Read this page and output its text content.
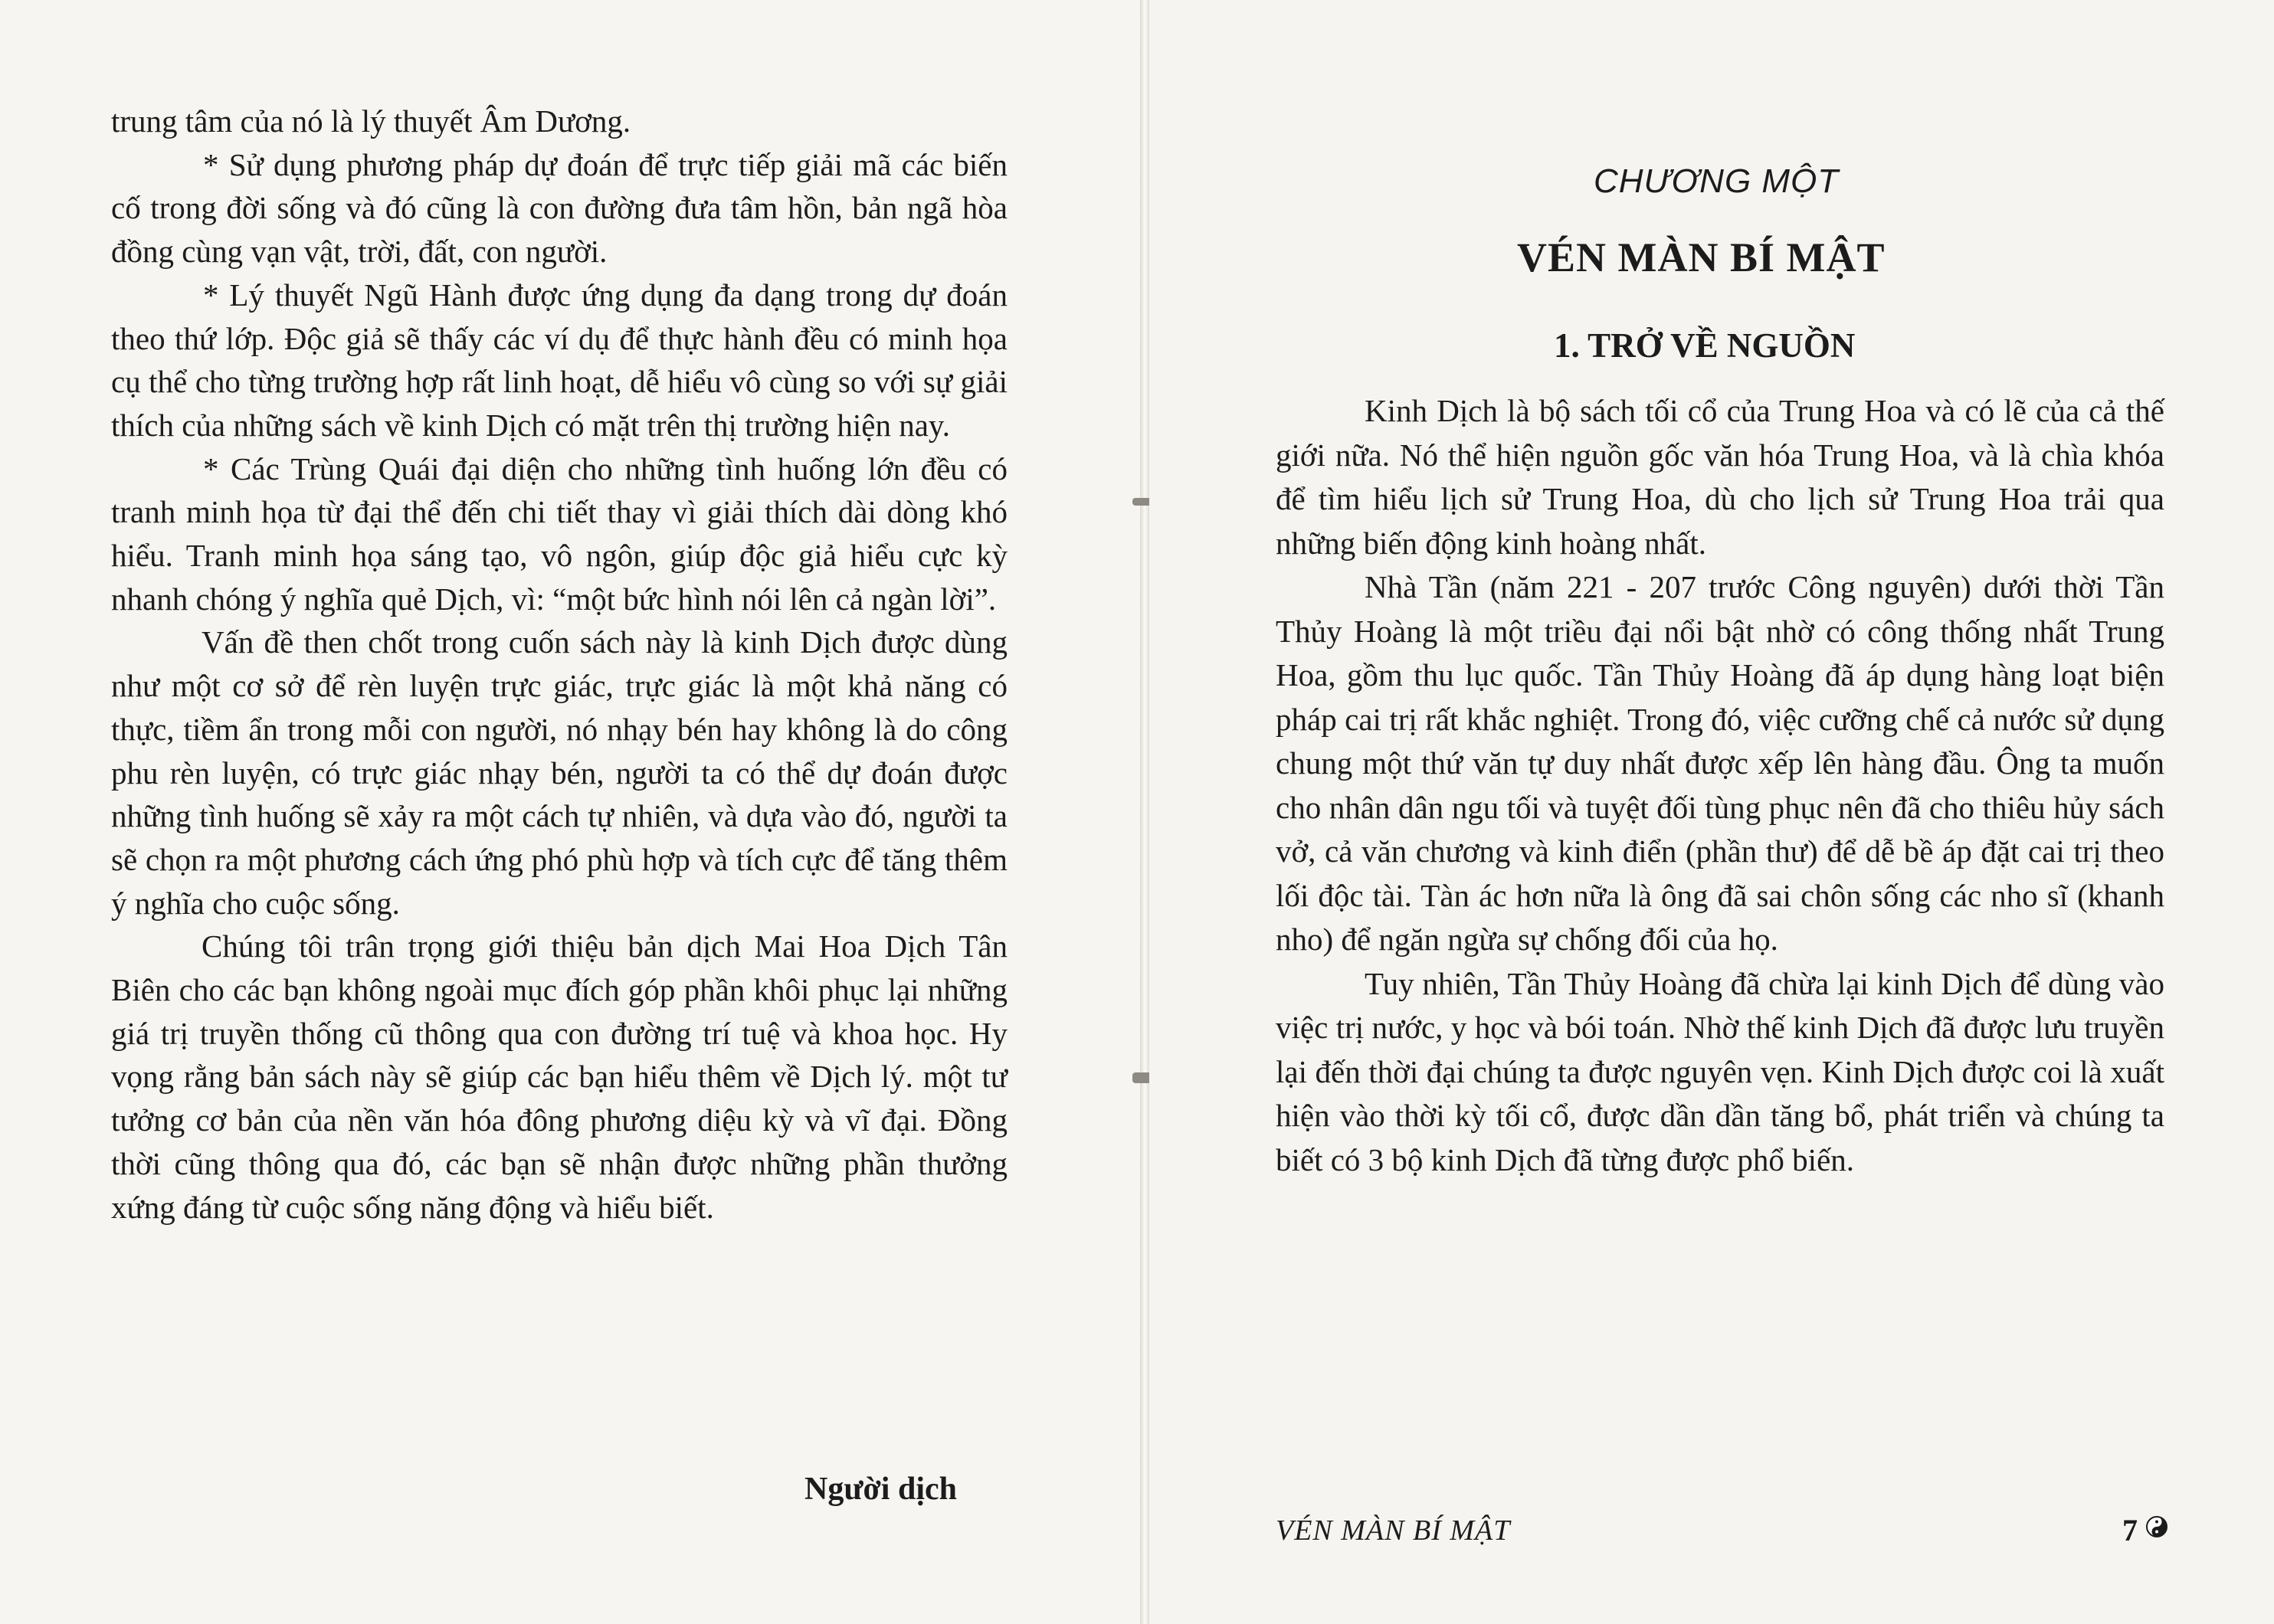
trung tâm của nó là lý thuyết Âm Dương.

* Sử dụng phương pháp dự đoán để trực tiếp giải mã các biến cố trong đời sống và đó cũng là con đường đưa tâm hồn, bản ngã hòa đồng cùng vạn vật, trời, đất, con người.

* Lý thuyết Ngũ Hành được ứng dụng đa dạng trong dự đoán theo thứ lớp. Độc giả sẽ thấy các ví dụ để thực hành đều có minh họa cụ thể cho từng trường hợp rất linh hoạt, dễ hiểu vô cùng so với sự giải thích của những sách về kinh Dịch có mặt trên thị trường hiện nay.

* Các Trùng Quái đại diện cho những tình huống lớn đều có tranh minh họa từ đại thể đến chi tiết thay vì giải thích dài dòng khó hiểu. Tranh minh họa sáng tạo, vô ngôn, giúp độc giả hiểu cực kỳ nhanh chóng ý nghĩa quẻ Dịch, vì: “một bức hình nói lên cả ngàn lời”.

Vấn đề then chốt trong cuốn sách này là kinh Dịch được dùng như một cơ sở để rèn luyện trực giác, trực giác là một khả năng có thực, tiềm ẩn trong mỗi con người, nó nhạy bén hay không là do công phu rèn luyện, có trực giác nhạy bén, người ta có thể dự đoán được những tình huống sẽ xảy ra một cách tự nhiên, và dựa vào đó, người ta sẽ chọn ra một phương cách ứng phó phù hợp và tích cực để tăng thêm ý nghĩa cho cuộc sống.

Chúng tôi trân trọng giới thiệu bản dịch Mai Hoa Dịch Tân Biên cho các bạn không ngoài mục đích góp phần khôi phục lại những giá trị truyền thống cũ thông qua con đường trí tuệ và khoa học. Hy vọng rằng bản sách này sẽ giúp các bạn hiểu thêm về Dịch lý. một tư tưởng cơ bản của nền văn hóa đông phương diệu kỳ và vĩ đại. Đồng thời cũng thông qua đó, các bạn sẽ nhận được những phần thưởng xứng đáng từ cuộc sống năng động và hiểu biết.

Người dịch
CHƯƠNG MỘT
VÉN MÀN BÍ MẬT
1. TRỞ VỀ NGUỒN

Kinh Dịch là bộ sách tối cổ của Trung Hoa và có lẽ của cả thế giới nữa. Nó thể hiện nguồn gốc văn hóa Trung Hoa, và là chìa khóa để tìm hiểu lịch sử Trung Hoa, dù cho lịch sử Trung Hoa trải qua những biến động kinh hoàng nhất.

Nhà Tần (năm 221 - 207 trước Công nguyên) dưới thời Tần Thủy Hoàng là một triều đại nổi bật nhờ có công thống nhất Trung Hoa, gồm thu lục quốc. Tần Thủy Hoàng đã áp dụng hàng loạt biện pháp cai trị rất khắc nghiệt. Trong đó, việc cưỡng chế cả nước sử dụng chung một thứ văn tự duy nhất được xếp lên hàng đầu. Ông ta muốn cho nhân dân ngu tối và tuyệt đối tùng phục nên đã cho thiêu hủy sách vở, cả văn chương và kinh điển (phần thư) để dễ bề áp đặt cai trị theo lối độc tài. Tàn ác hơn nữa là ông đã sai chôn sống các nho sĩ (khanh nho) để ngăn ngừa sự chống đối của họ.

Tuy nhiên, Tần Thủy Hoàng đã chừa lại kinh Dịch để dùng vào việc trị nước, y học và bói toán. Nhờ thế kinh Dịch đã được lưu truyền lại đến thời đại chúng ta được nguyên vẹn. Kinh Dịch được coi là xuất hiện vào thời kỳ tối cổ, được dần dần tăng bổ, phát triển và chúng ta biết có 3 bộ kinh Dịch đã từng được phổ biến.

VÉN MÀN BÍ MẬT	7
